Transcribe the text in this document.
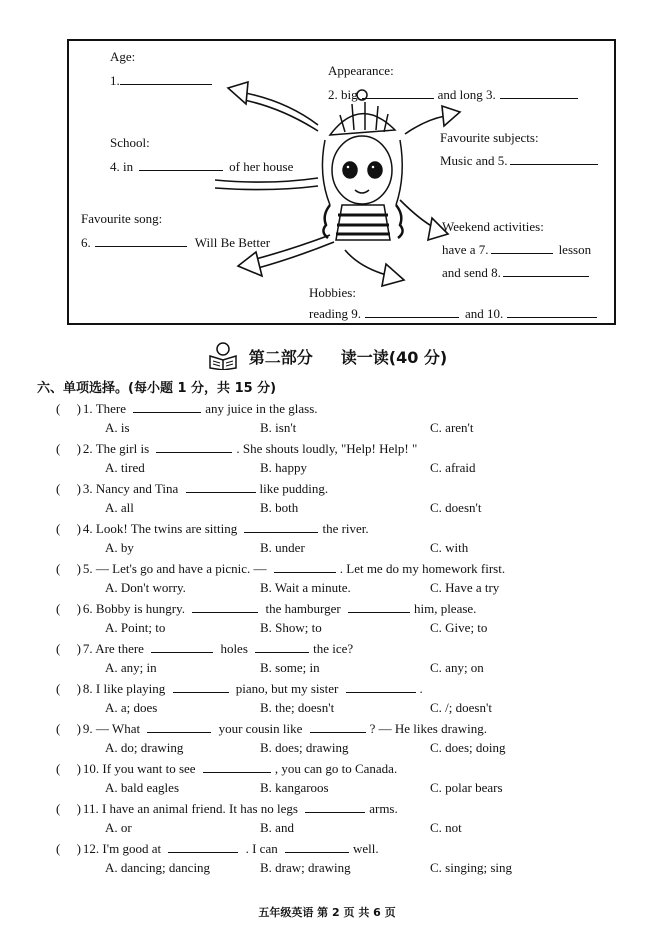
Age:
1.
Appearance:
2. big	and long 3.
School:
4. in	of her house
Favourite subjects:
Music and 5.
Favourite song:
6.	Will Be Better
Weekend activities:
have a 7.	lesson
and send 8.
Hobbies:
reading 9.	and 10.
第二部分 读一读(40 分)
六、单项选择。(每小题 1 分，共 15 分)
(     ) 1. There	any juice in the glass.
A. is	B. isn't	C. aren't
(     ) 2. The girl is	. She shouts loudly, "Help! Help! "
A. tired	B. happy	C. afraid
(     ) 3. Nancy and Tina	like pudding.
A. all	B. both	C. doesn't
(     ) 4. Look! The twins are sitting	the river.
A. by	B. under	C. with
(     ) 5. — Let's go and have a picnic. —	. Let me do my homework first.
A. Don't worry.	B. Wait a minute.	C. Have a try
(     ) 6. Bobby is hungry.	the hamburger	him, please.
A. Point; to	B. Show; to	C. Give; to
(     ) 7. Are there	holes	the ice?
A. any; in	B. some; in	C. any; on
(     ) 8. I like playing	piano, but my sister	.
A. a; does	B. the; doesn't	C. /; doesn't
(     ) 9. — What	your cousin like	? — He likes drawing.
A. do; drawing	B. does; drawing	C. does; doing
(     ) 10. If you want to see	, you can go to Canada.
A. bald eagles	B. kangaroos	C. polar bears
(     ) 11. I have an animal friend. It has no legs	arms.
A. or	B. and	C. not
(     ) 12. I'm good at	. I can	well.
A. dancing; dancing	B. draw; drawing	C. singing; sing
五年级英语 第 2 页 共 6 页
